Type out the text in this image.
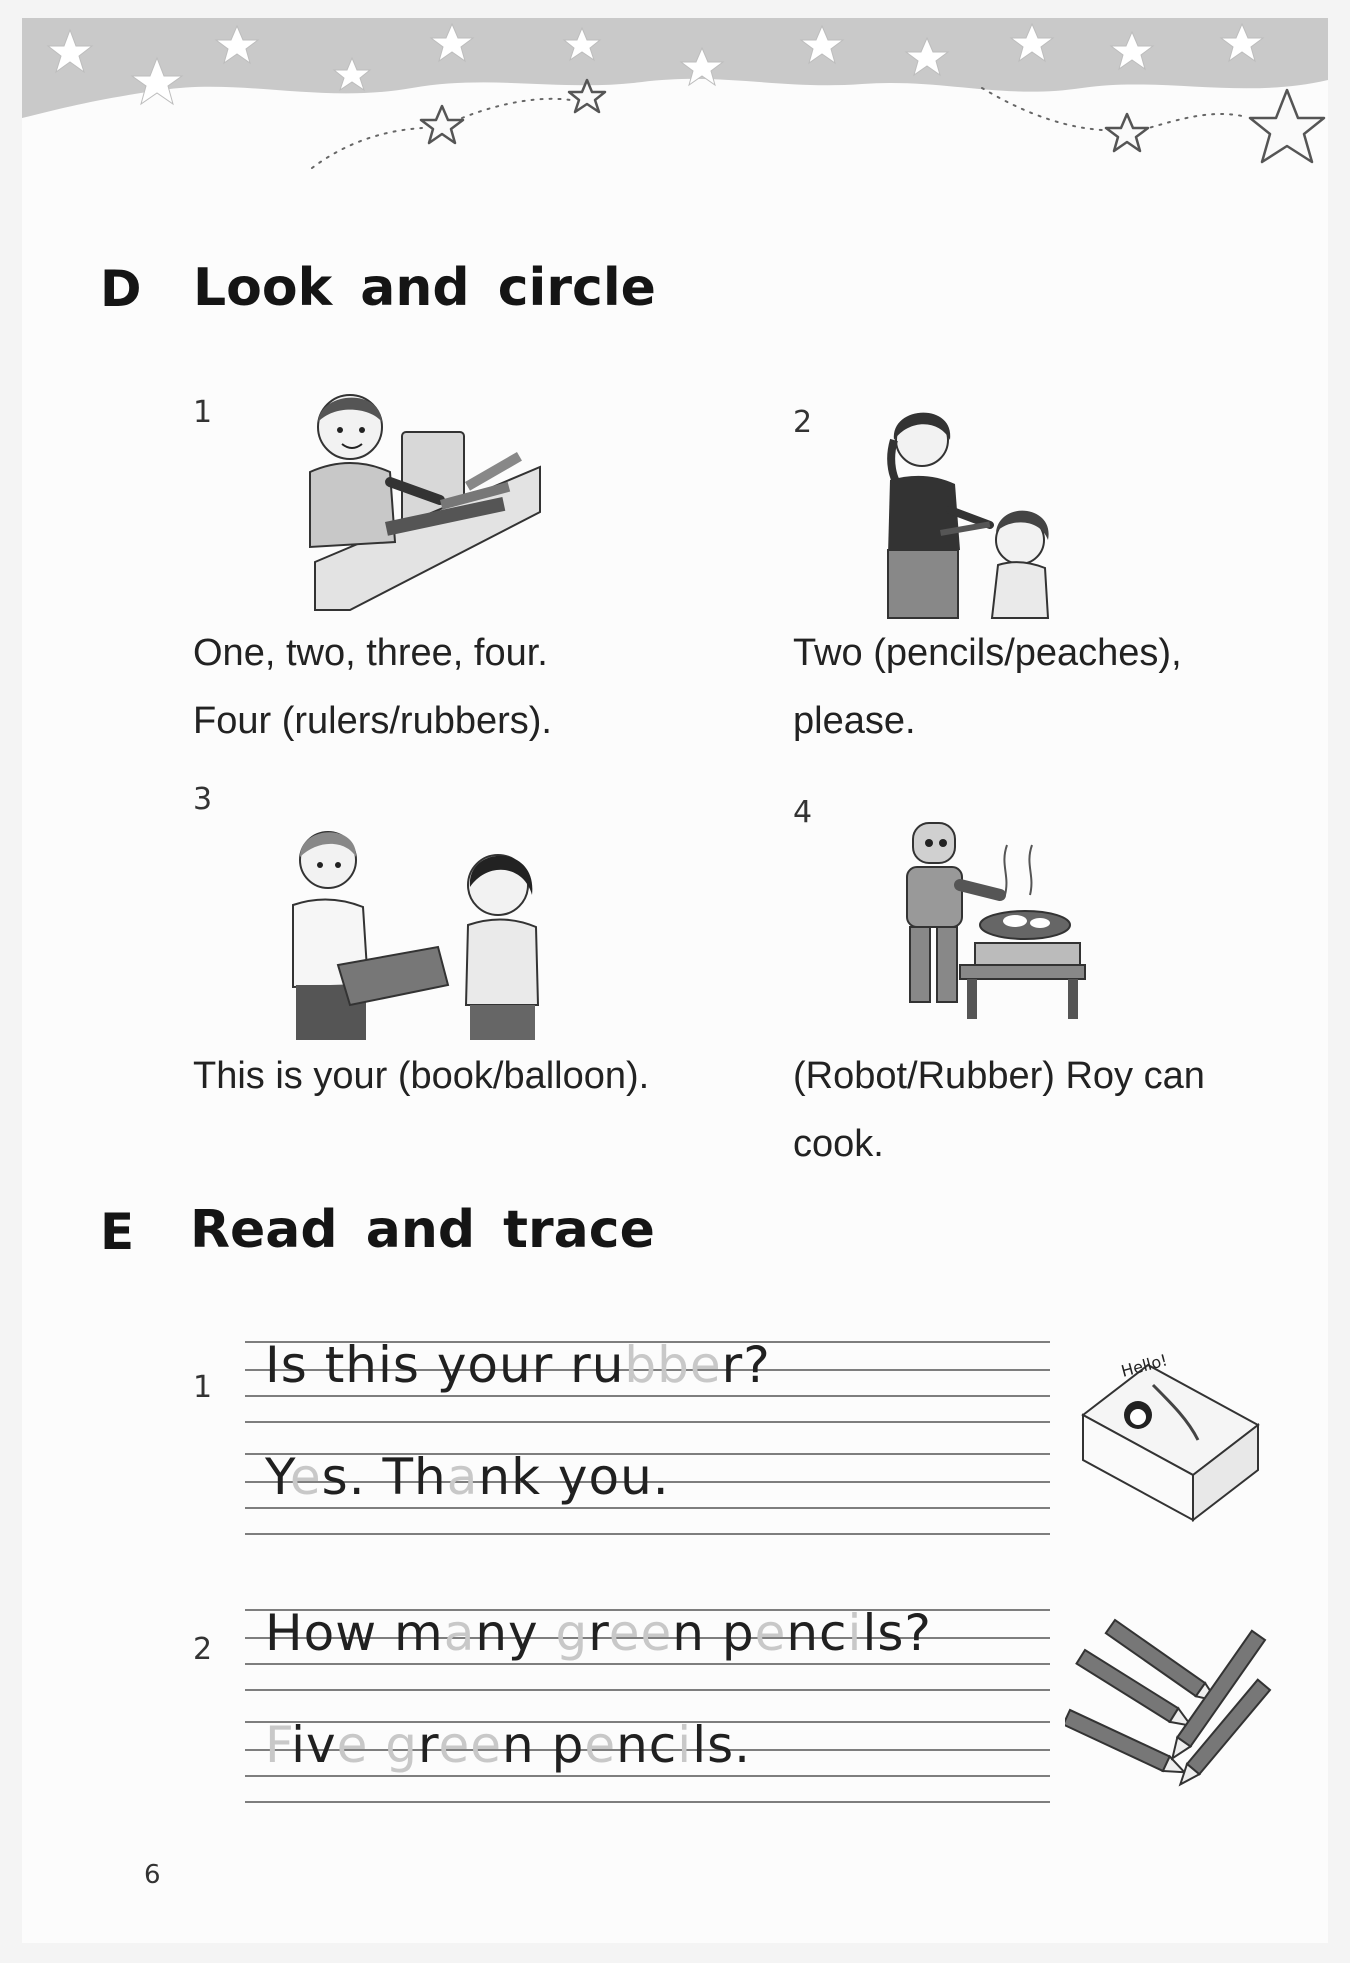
D Look and circle
1
One, two, three, four.
Four (rulers/rubbers).
2
Two (pencils/peaches),
please.
3
This is your (book/balloon).
4
(Robot/Rubber) Roy can
cook.
E Read and trace
1 Is this your rubber?
Yes. Thank you.
Hello!
2 How many green pencils?
Five green pencils.
6
